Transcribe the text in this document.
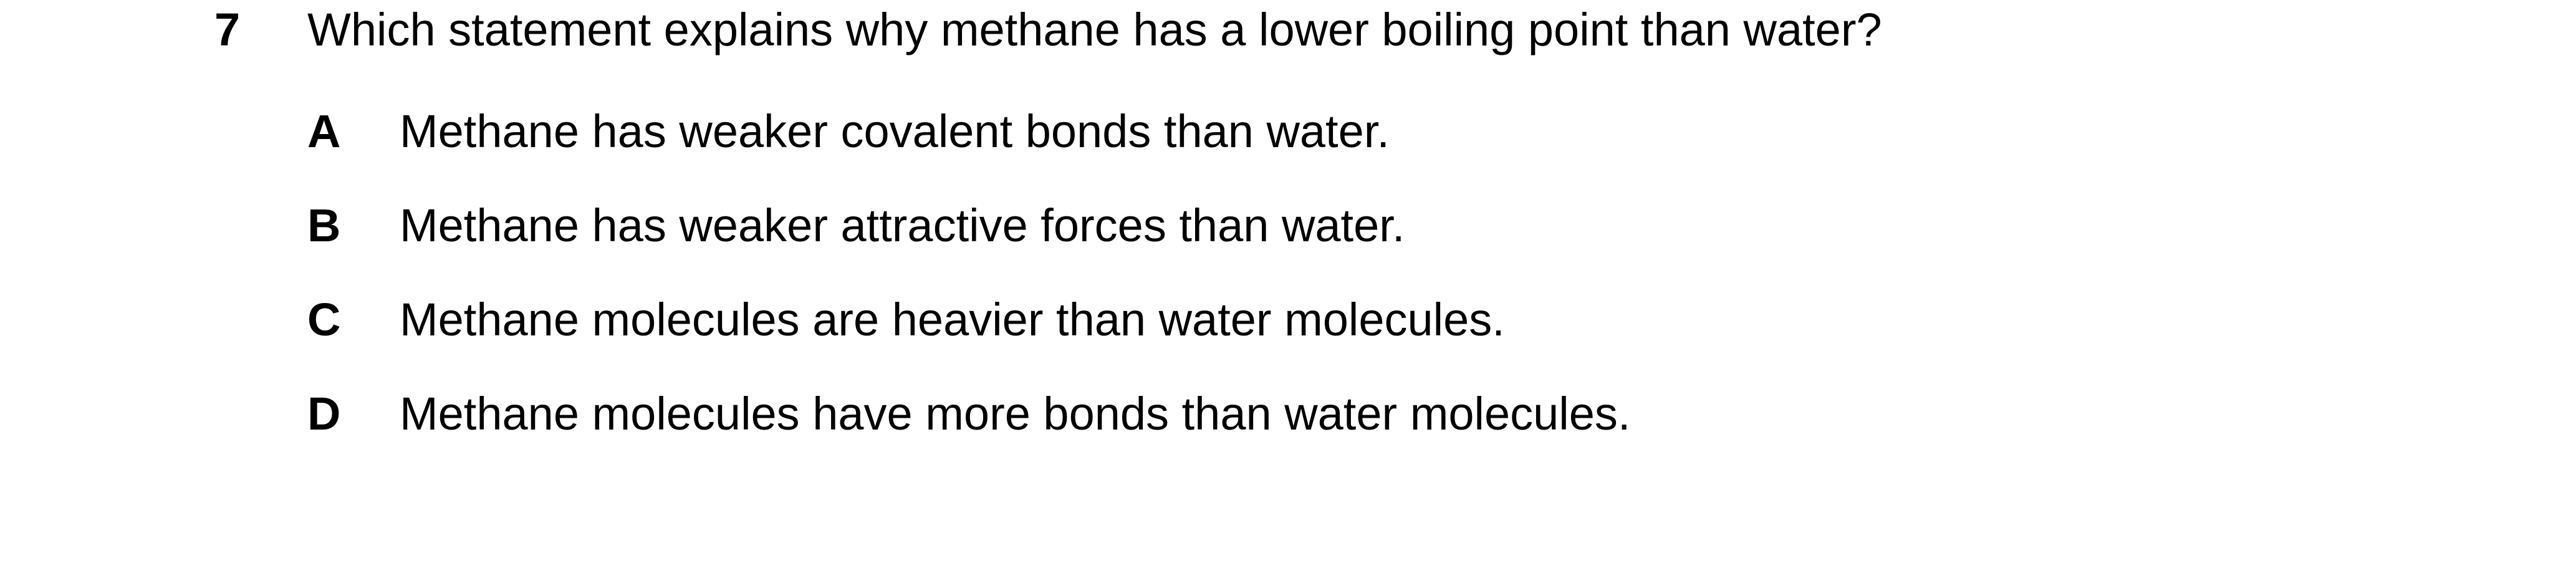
7 Which statement explains why methane has a lower boiling point than water?
A Methane has weaker covalent bonds than water.
B Methane has weaker attractive forces than water.
C Methane molecules are heavier than water molecules.
D Methane molecules have more bonds than water molecules.
